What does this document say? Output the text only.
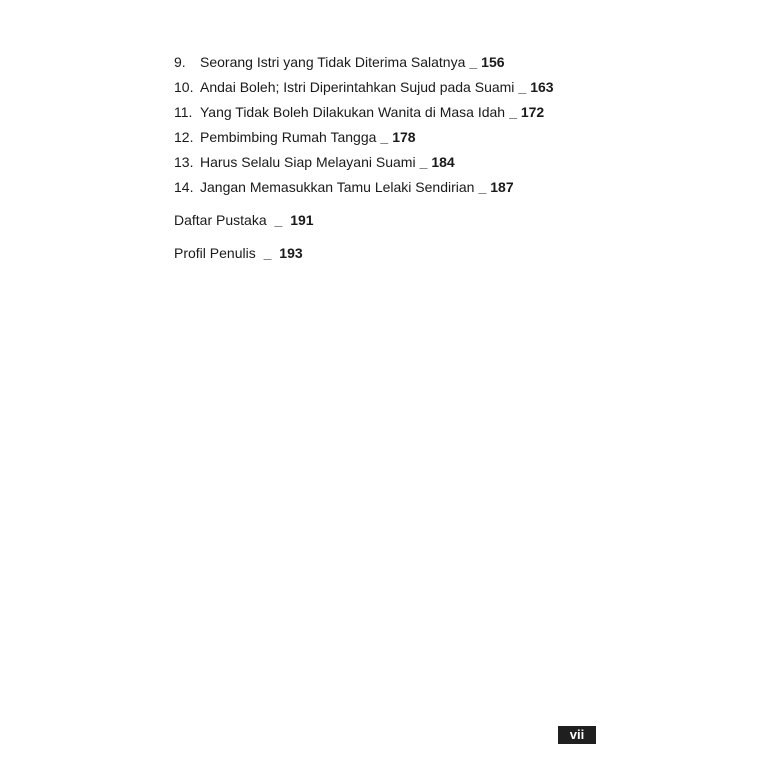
9.	Seorang Istri yang Tidak Diterima Salatnya _ 156
10. Andai Boleh; Istri Diperintahkan Sujud pada Suami _ 163
11. Yang Tidak Boleh Dilakukan Wanita di Masa Idah _ 172
12. Pembimbing Rumah Tangga _ 178
13. Harus Selalu Siap Melayani Suami _ 184
14. Jangan Memasukkan Tamu Lelaki Sendirian _ 187
Daftar Pustaka _ 191
Profil Penulis _ 193
vii
